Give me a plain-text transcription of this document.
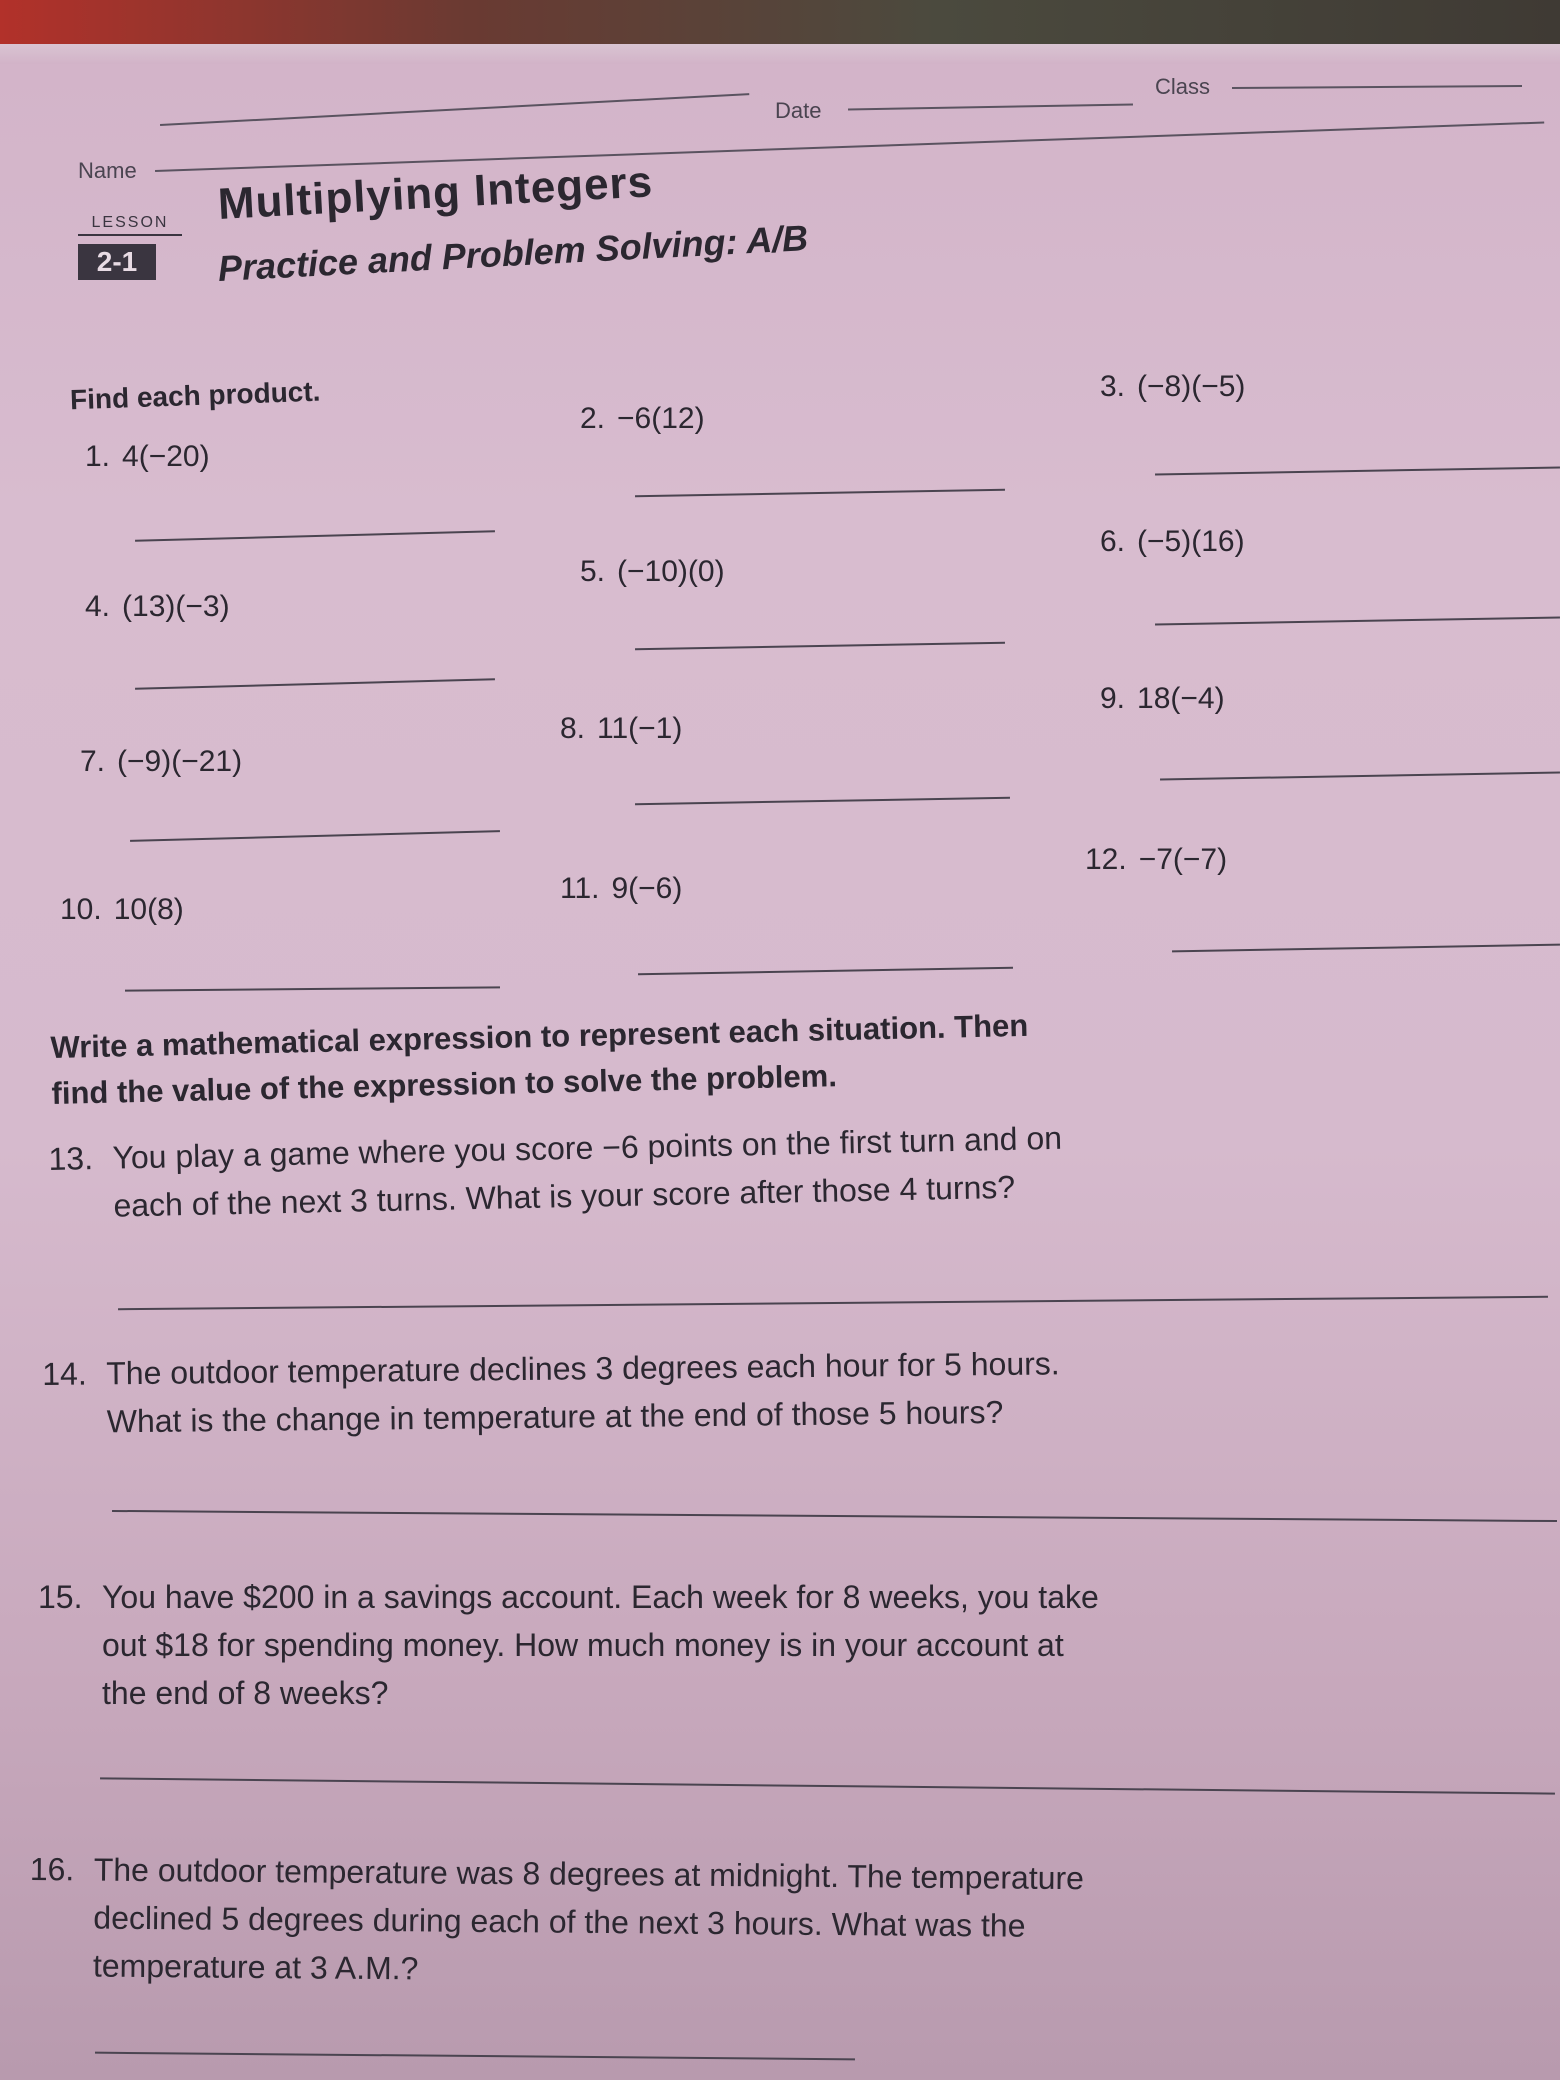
Class
Date
Name
LESSON
2-1
Multiplying Integers
Practice and Problem Solving: A/B
Find each product.
1. 4(−20)
2. −6(12)
3. (−8)(−5)
4. (13)(−3)
5. (−10)(0)
6. (−5)(16)
7. (−9)(−21)
8. 11(−1)
9. 18(−4)
10. 10(8)
11. 9(−6)
12. −7(−7)
Write a mathematical expression to represent each situation. Then
find the value of the expression to solve the problem.
13. You play a game where you score −6 points on the first turn and on
each of the next 3 turns. What is your score after those 4 turns?
14. The outdoor temperature declines 3 degrees each hour for 5 hours.
What is the change in temperature at the end of those 5 hours?
15. You have $200 in a savings account. Each week for 8 weeks, you take
out $18 for spending money. How much money is in your account at
the end of 8 weeks?
16. The outdoor temperature was 8 degrees at midnight. The temperature
declined 5 degrees during each of the next 3 hours. What was the
temperature at 3 A.M.?
